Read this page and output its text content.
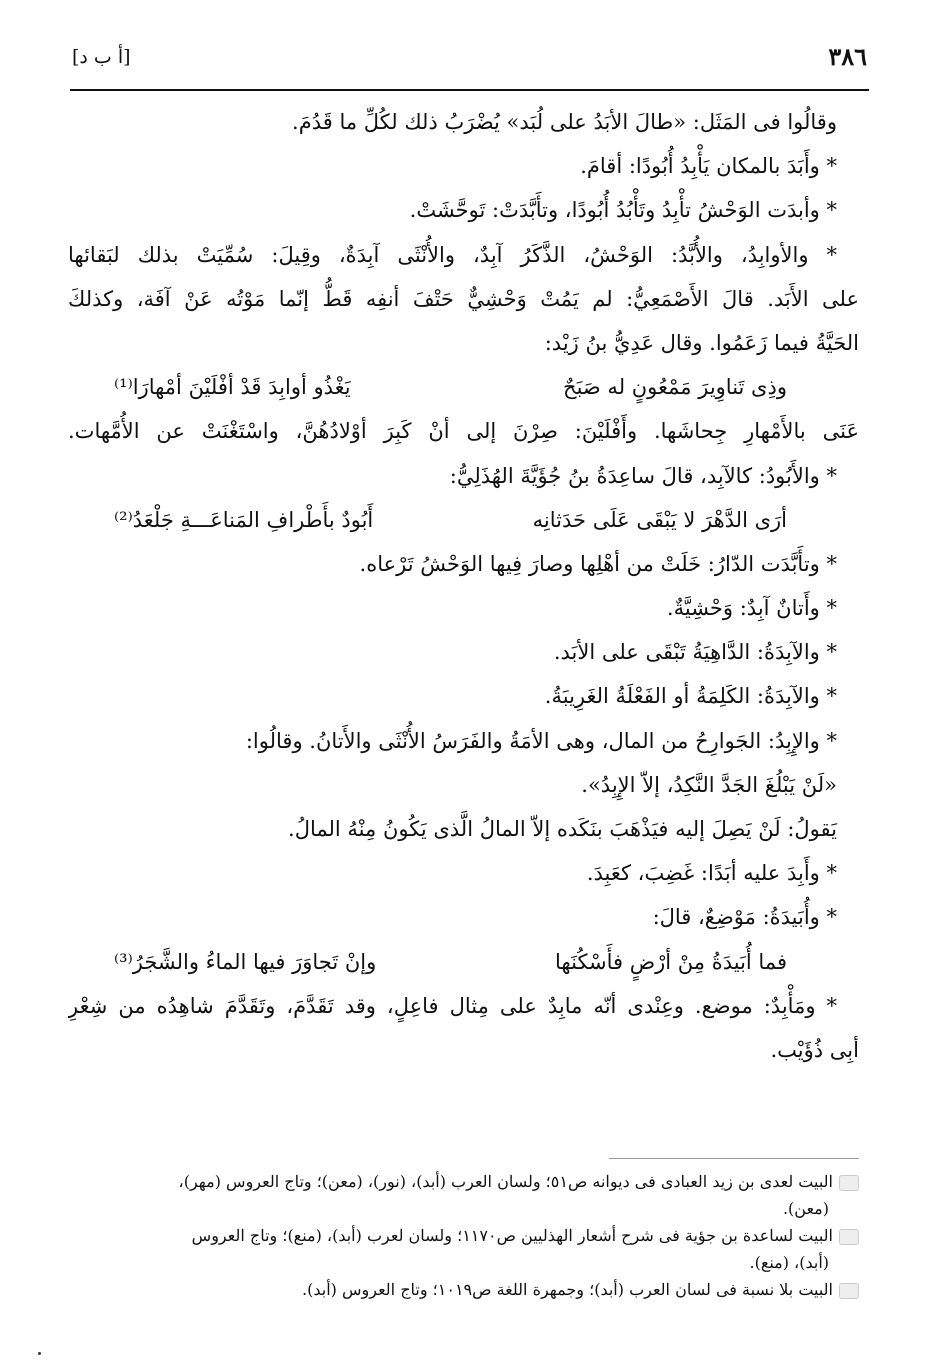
٣٨٦
[أ ب د]
وقالُوا فى المَثَل: «طالَ الأبَدُ على لُبَد» يُضْرَبُ ذلك لكُلِّ ما قَدُمَ.
* وأَبَدَ بالمكان يَأْبِدُ أُبُودًا: أقامَ.
* وأبدَت الوَحْشُ تأْبِدُ وتَأْبُدُ أُبُودًا، وتأَبَّدَتْ: تَوحَّشَتْ.
* والأوابِدُ، والأُبَّدُ: الوَحْشُ، الذَّكَرُ آبِدٌ، والأُنْثَى آبِدَةٌ، وقِيلَ: سُمِّيَتْ بذلك لبَقائها
على الأَبَد. قالَ الأَصْمَعِيُّ: لم يَمُتْ وَحْشِيٌّ حَتْفَ أنفِه قَطُّ إنّما مَوْتُه عَنْ آفَة، وكذلكَ
الحَيَّةُ فيما زَعَمُوا. وقال عَدِيُّ بنُ زَيْد:
وذِى تَناوِيرَ مَمْعُونٍ له صَبَحٌ
يَغْذُو أوابِدَ قَدْ أفْلَيْنَ أمْهارَا⁽¹⁾
عَنَى بالأَمْهارِ جِحاشَها. وأَفْلَيْنَ: صِرْنَ إلى أنْ كَبِرَ أوْلادُهُنَّ، واسْتَغْنَتْ عن الأُمَّهات.
* والأَبُودُ: كالآبِد، قالَ ساعِدَةُ بنُ جُؤَيَّةَ الهُذَلِيُّ:
أرَى الدَّهْرَ لا يَبْقَى عَلَى حَدَثانِه
أَبُودٌ بأَطْرافِ المَناعَـــةِ جَلْعَدُ⁽²⁾
* وتأَبَّدَت الدّارُ: خَلَتْ من أهْلِها وصارَ فِيها الوَحْشُ تَرْعاه.
* وأَتانٌ آبِدٌ: وَحْشِيَّةٌ.
* والآبِدَةُ: الدَّاهِيَةُ تَبْقَى على الأبَد.
* والآبِدَةُ: الكَلِمَةُ أو الفَعْلَةُ الغَرِيبَةُ.
* والإِبِدُ: الجَوارِحُ من المال، وهى الأمَةُ والفَرَسُ الأُنْثَى والأَتانُ. وقالُوا:
«لَنْ يَبْلُغَ الجَدَّ النَّكِدُ، إلاّ الإِبِدُ».
يَقولُ: لَنْ يَصِلَ إليه فيَذْهَبَ بنَكَده إلاّ المالُ الَّذى يَكُونُ مِنْهُ المالُ.
* وأَبِدَ عليه أبَدًا: غَضِبَ، كعَبِدَ.
* وأُبَيدَةُ: مَوْضِعٌ، قالَ:
فما أُبَيدَةُ مِنْ أرْضٍ فأَسْكُنَها
وإنْ تَجاوَرَ فيها الماءُ والشَّجَرُ⁽³⁾
* ومَأْبِدٌ: موضع. وعِنْدى أنّه مابِدٌ على مِثال فاعِلٍ، وقد تَقَدَّمَ، وتَقَدَّمَ شاهِدُه من شِعْرِ
أبِى ذُؤَيْب.
البيت لعدى بن زيد العبادى فى ديوانه ص٥١؛ ولسان العرب (أبد)، (نور)، (معن)؛ وتاج العروس (مهر)،
(معن).
البيت لساعدة بن جؤية فى شرح أشعار الهذليين ص١١٧٠؛ ولسان لعرب (أبد)، (منع)؛ وتاج العروس
(أبد)، (منع).
البيت بلا نسبة فى لسان العرب (أبد)؛ وجمهرة اللغة ص١٠١٩؛ وتاج العروس (أبد).
